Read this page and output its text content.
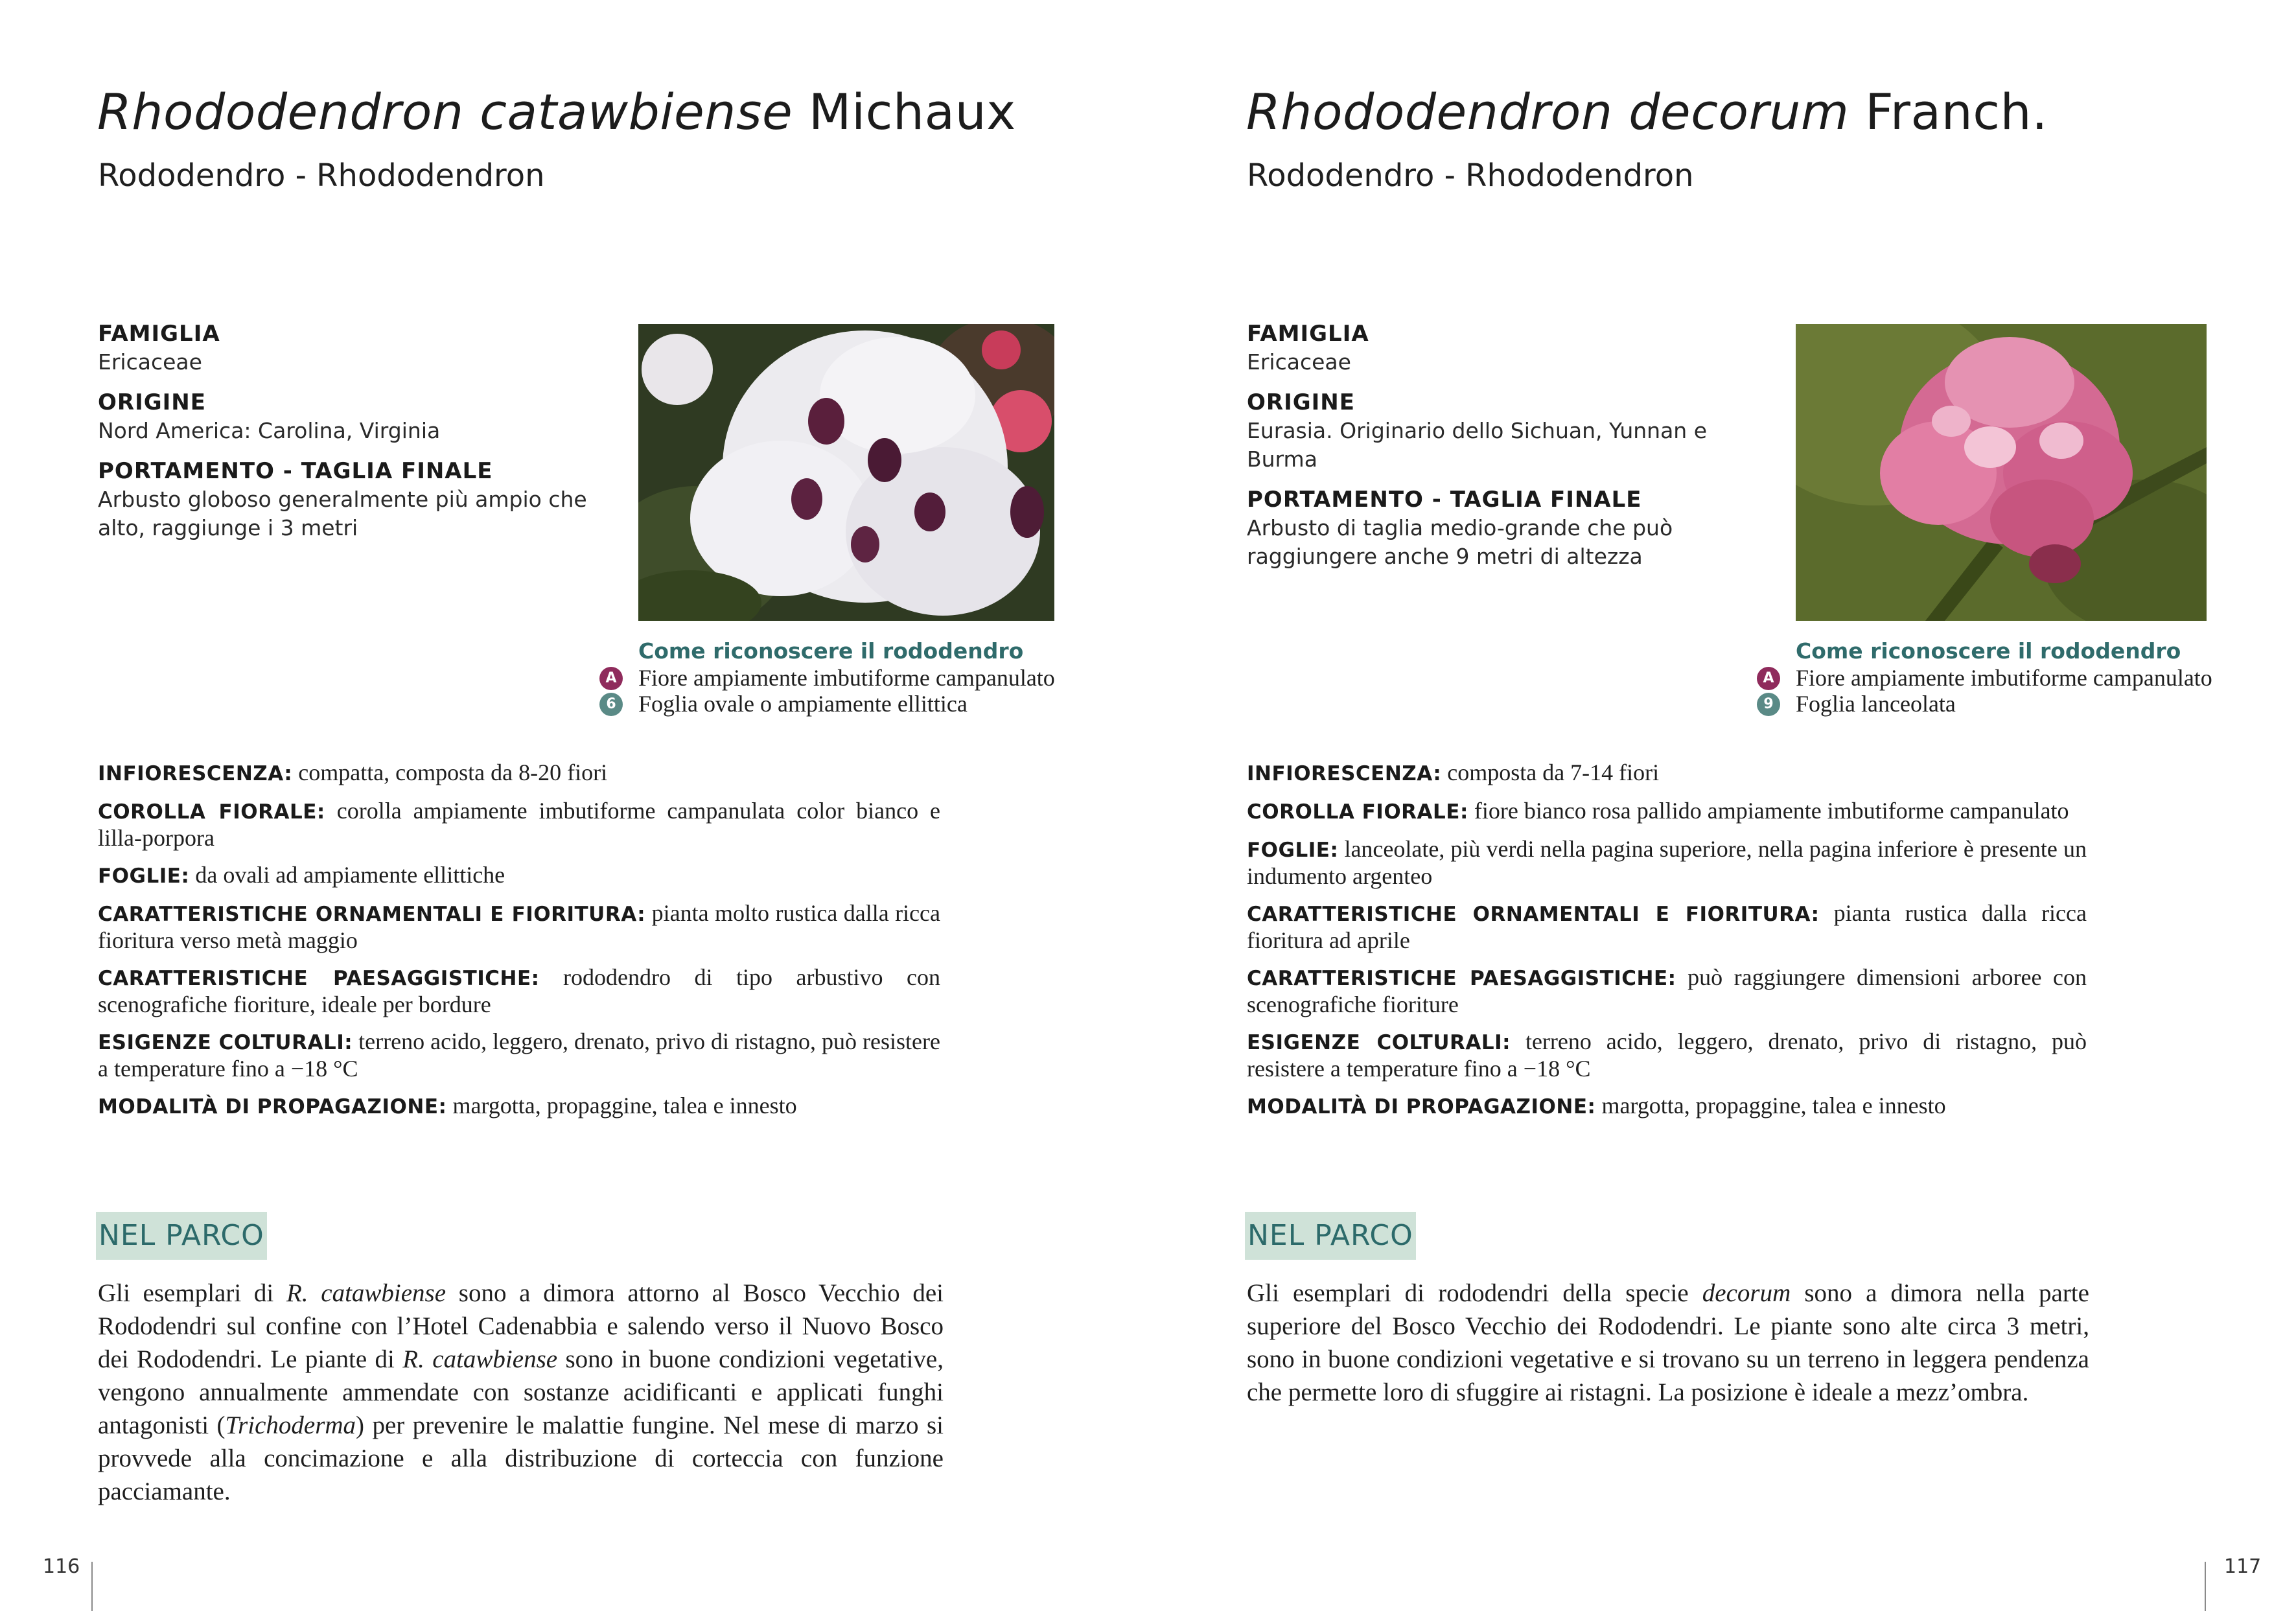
Rhododendron catawbiense Michaux
Rododendro - Rhododendron

FAMIGLIA

Ericaceae

ORIGINE

Nord America: Carolina, Virginia

PORTAMENTO - TAGLIA FINALE

Arbusto globoso generalmente più ampio che alto, raggiunge i 3 metri

Come riconoscere il rododendro

A Fiore ampiamente imbutiforme campanulato
6 Foglia ovale o ampiamente ellittica

INFIORESCENZA: compatta, composta da 8-20 fiori

COROLLA FIORALE: corolla ampiamente imbutiforme campanulata color bianco e lilla-porpora

FOGLIE: da ovali ad ampiamente ellittiche

CARATTERISTICHE ORNAMENTALI E FIORITURA: pianta molto rustica dalla ricca fioritura verso metà maggio

CARATTERISTICHE PAESAGGISTICHE: rododendro di tipo arbustivo con scenografiche fioriture, ideale per bordure

ESIGENZE COLTURALI: terreno acido, leggero, drenato, privo di ristagno, può resistere a temperature fino a −18 °C

MODALITÀ DI PROPAGAZIONE: margotta, propaggine, talea e innesto

NEL PARCO
Gli esemplari di R. catawbiense sono a dimora attorno al Bosco Vecchio dei Rododendri sul confine con l’Hotel Cadenabbia e salendo verso il Nuovo Bosco dei Rododendri. Le piante di R. catawbiense sono in buone condizioni vegetative, vengono annualmente ammendate con sostanze acidificanti e applicati funghi antagonisti (Trichoderma) per prevenire le malattie fungine. Nel mese di marzo si provvede alla concimazione e alla distribuzione di corteccia con funzione pacciamante.
116
Rhododendron decorum Franch.
Rododendro - Rhododendron

FAMIGLIA

Ericaceae

ORIGINE

Eurasia. Originario dello Sichuan, Yunnan e Burma

PORTAMENTO - TAGLIA FINALE

Arbusto di taglia medio-grande che può raggiungere anche 9 metri di altezza

Come riconoscere il rododendro

A Fiore ampiamente imbutiforme campanulato
9 Foglia lanceolata

INFIORESCENZA: composta da 7-14 fiori

COROLLA FIORALE: fiore bianco rosa pallido ampiamente imbutiforme campanulato

FOGLIE: lanceolate, più verdi nella pagina superiore, nella pagina inferiore è presente un indumento argenteo

CARATTERISTICHE ORNAMENTALI E FIORITURA: pianta rustica dalla ricca fioritura ad aprile

CARATTERISTICHE PAESAGGISTICHE: può raggiungere dimensioni arboree con scenografiche fioriture

ESIGENZE COLTURALI: terreno acido, leggero, drenato, privo di ristagno, può resistere a temperature fino a −18 °C

MODALITÀ DI PROPAGAZIONE: margotta, propaggine, talea e innesto

NEL PARCO
Gli esemplari di rododendri della specie decorum sono a dimora nella parte superiore del Bosco Vecchio dei Rododendri. Le piante sono alte circa 3 metri, sono in buone condizioni vegetative e si trovano su un terreno in leggera pendenza che permette loro di sfuggire ai ristagni. La posizione è ideale a mezz’ombra.
117
